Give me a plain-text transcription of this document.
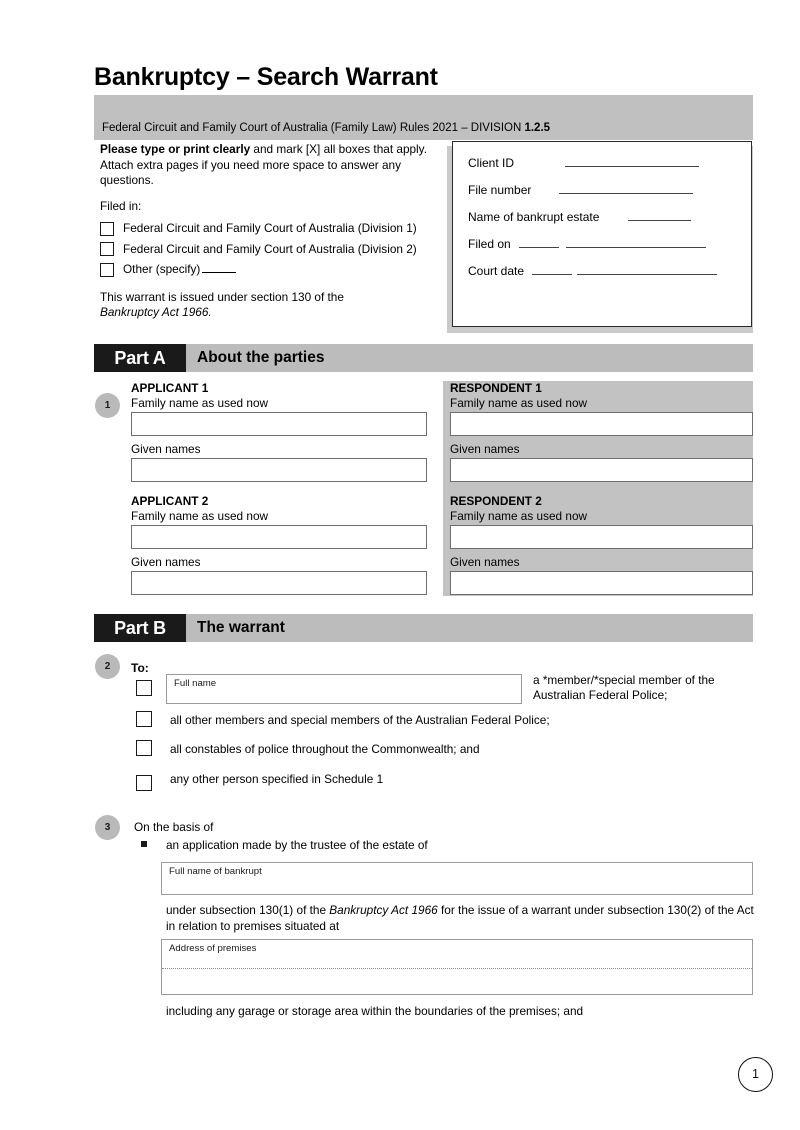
Bankruptcy – Search Warrant
Federal Circuit and Family Court of Australia (Family Law) Rules 2021 – DIVISION 1.2.5

Please type or print clearly and mark [X] all boxes that apply. Attach extra pages if you need more space to answer any questions.

Filed in:

Federal Circuit and Family Court of Australia (Division 1)
Federal Circuit and Family Court of Australia (Division 2)
Other (specify)
This warrant is issued under section 130 of the
Bankruptcy Act 1966.
Client ID
File number
Name of bankrupt estate
Filed on
Court date
Part A	About the parties
1
APPLICANT 1
Family name as used now
Given names
APPLICANT 2
Family name as used now
Given names
RESPONDENT 1
Family name as used now
Given names
RESPONDENT 2
Family name as used now
Given names
Part B	The warrant
2	To:
Full name	a *member/*special member of the Australian Federal Police;
all other members and special members of the Australian Federal Police;
all constables of police throughout the Commonwealth; and
any other person specified in Schedule 1
3	On the basis of
an application made by the trustee of the estate of
Full name of bankrupt
under subsection 130(1) of the Bankruptcy Act 1966 for the issue of a warrant under subsection 130(2) of the Act in relation to premises situated at
Address of premises
including any garage or storage area within the boundaries of the premises; and
1
